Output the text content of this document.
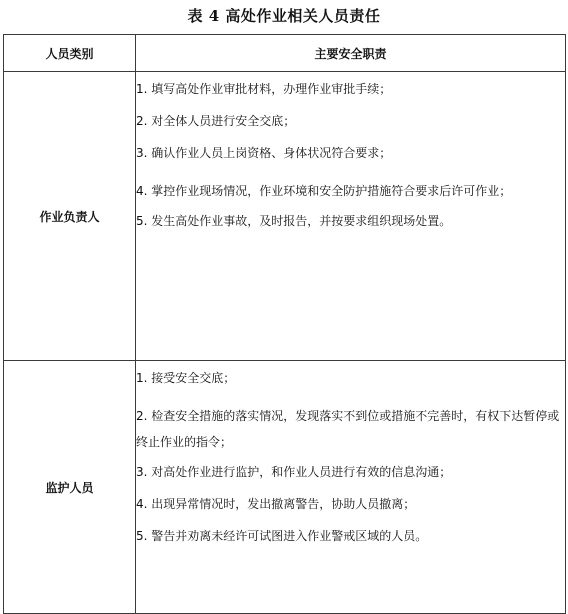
表 4 高处作业相关人员责任
人员类别	主要安全职责
作业负责人	1. 填写高处作业审批材料，办理作业审批手续；
2. 对全体人员进行安全交底；
3. 确认作业人员上岗资格、身体状况符合要求；
4. 掌控作业现场情况，作业环境和安全防护措施符合要求后许可作业；
5. 发生高处作业事故，及时报告，并按要求组织现场处置。

监护人员	1. 接受安全交底；
2. 检查安全措施的落实情况，发现落实不到位或措施不完善时，有权下达暂停或终止作业的指令；
3. 对高处作业进行监护，和作业人员进行有效的信息沟通；
4. 出现异常情况时，发出撤离警告，协助人员撤离；
5. 警告并劝离未经许可试图进入作业警戒区域的人员。
